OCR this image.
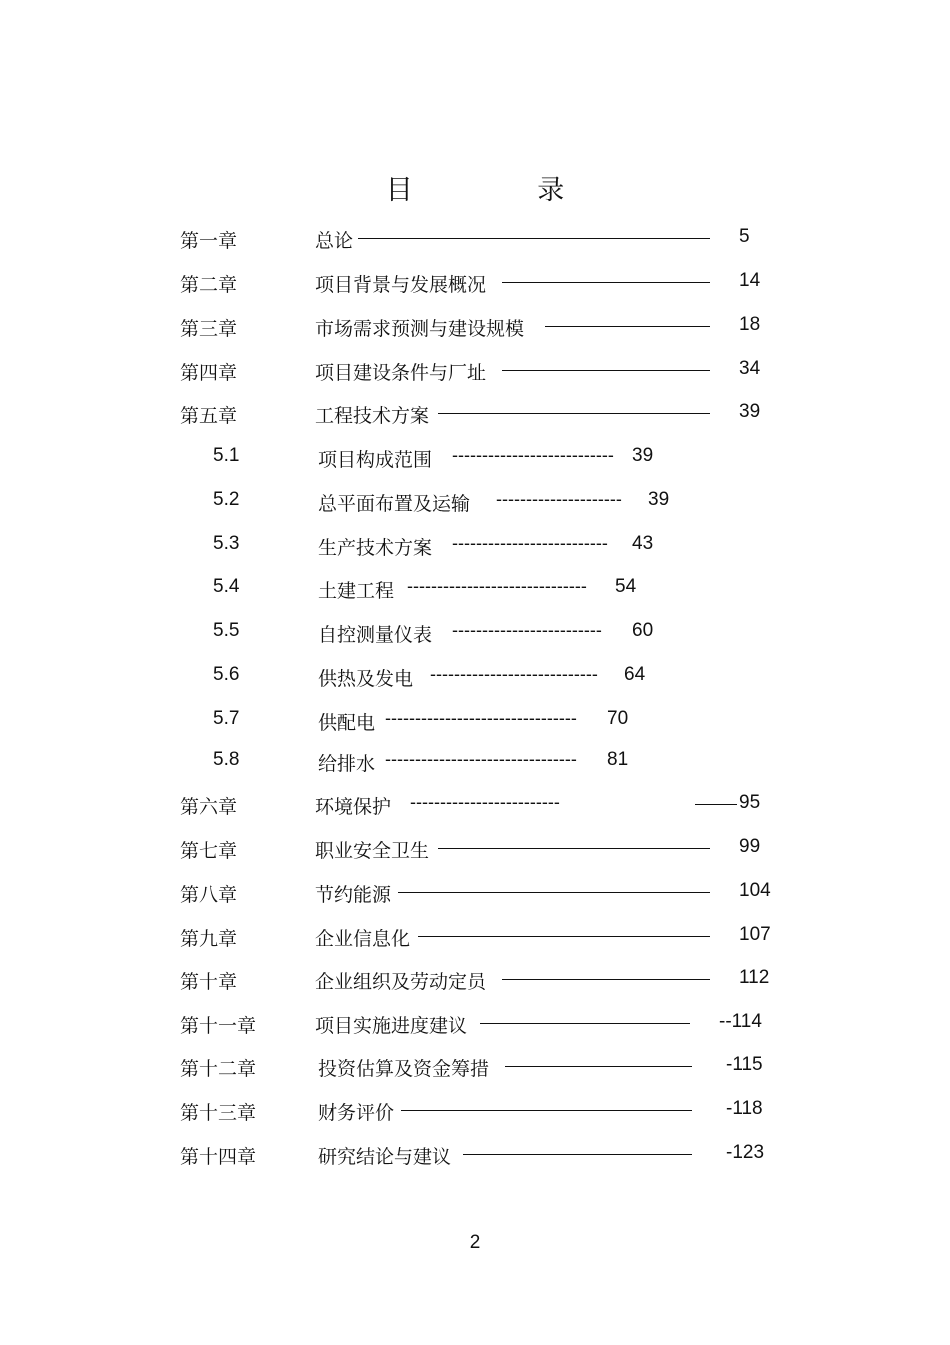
目 录
第一章	总论	5
第二章	项目背景与发展概况	14
第三章	市场需求预测与建设规模	18
第四章	项目建设条件与厂址	34
第五章	工程技术方案	39
5.1	项目构成范围 --------------------------- 39
5.2	总平面布置及运输 --------------------- 39
5.3	生产技术方案 -------------------------- 43
5.4	土建工程 ------------------------------ 54
5.5	自控测量仪表 ------------------------- 60
5.6	供热及发电 ---------------------------- 64
5.7	供配电 -------------------------------- 70
5.8	给排水 -------------------------------- 81
第六章	环境保护 -------------------------	95
第七章	职业安全卫生	99
第八章	节约能源	104
第九章	企业信息化	107
第十章	企业组织及劳动定员	112
第十一章	项目实施进度建议	--114
第十二章	投资估算及资金筹措	-115
第十三章	财务评价	-118
第十四章	研究结论与建议	-123
2
